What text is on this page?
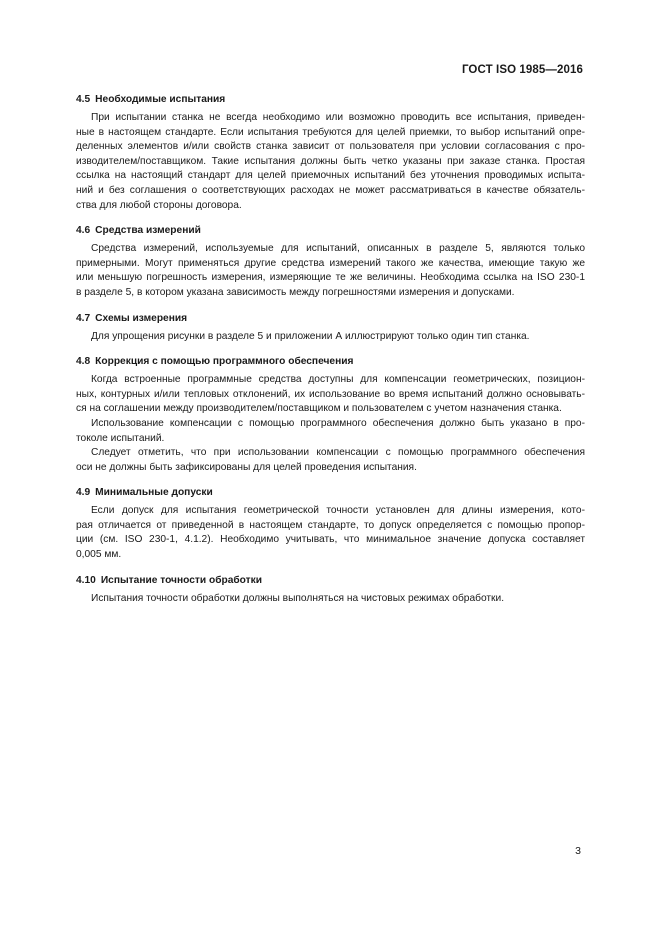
ГОСТ ISO 1985—2016
4.5 Необходимые испытания
При испытании станка не всегда необходимо или возможно проводить все испытания, приведен-
ные в настоящем стандарте. Если испытания требуются для целей приемки, то выбор испытаний опре-
деленных элементов и/или свойств станка зависит от пользователя при условии согласования с про-
изводителем/поставщиком. Такие испытания должны быть четко указаны при заказе станка. Простая
ссылка на настоящий стандарт для целей приемочных испытаний без уточнения проводимых испыта-
ний и без соглашения о соответствующих расходах не может рассматриваться в качестве обязатель-
ства для любой стороны договора.
4.6 Средства измерений
Средства измерений, используемые для испытаний, описанных в разделе 5, являются только
примерными. Могут применяться другие средства измерений такого же качества, имеющие такую же
или меньшую погрешность измерения, измеряющие те же величины. Необходима ссылка на ISO 230-1
в разделе 5, в котором указана зависимость между погрешностями измерения и допусками.
4.7 Схемы измерения
Для упрощения рисунки в разделе 5 и приложении А иллюстрируют только один тип станка.
4.8 Коррекция с помощью программного обеспечения
Когда встроенные программные средства доступны для компенсации геометрических, позицион-
ных, контурных и/или тепловых отклонений, их использование во время испытаний должно основывать-
ся на соглашении между производителем/поставщиком и пользователем с учетом назначения станка.
Использование компенсации с помощью программного обеспечения должно быть указано в про-
токоле испытаний.
Следует отметить, что при использовании компенсации с помощью программного обеспечения
оси не должны быть зафиксированы для целей проведения испытания.
4.9 Минимальные допуски
Если допуск для испытания геометрической точности установлен для длины измерения, кото-
рая отличается от приведенной в настоящем стандарте, то допуск определяется с помощью пропор-
ции (см. ISO 230-1, 4.1.2). Необходимо учитывать, что минимальное значение допуска составляет
0,005 мм.
4.10 Испытание точности обработки
Испытания точности обработки должны выполняться на чистовых режимах обработки.
3
